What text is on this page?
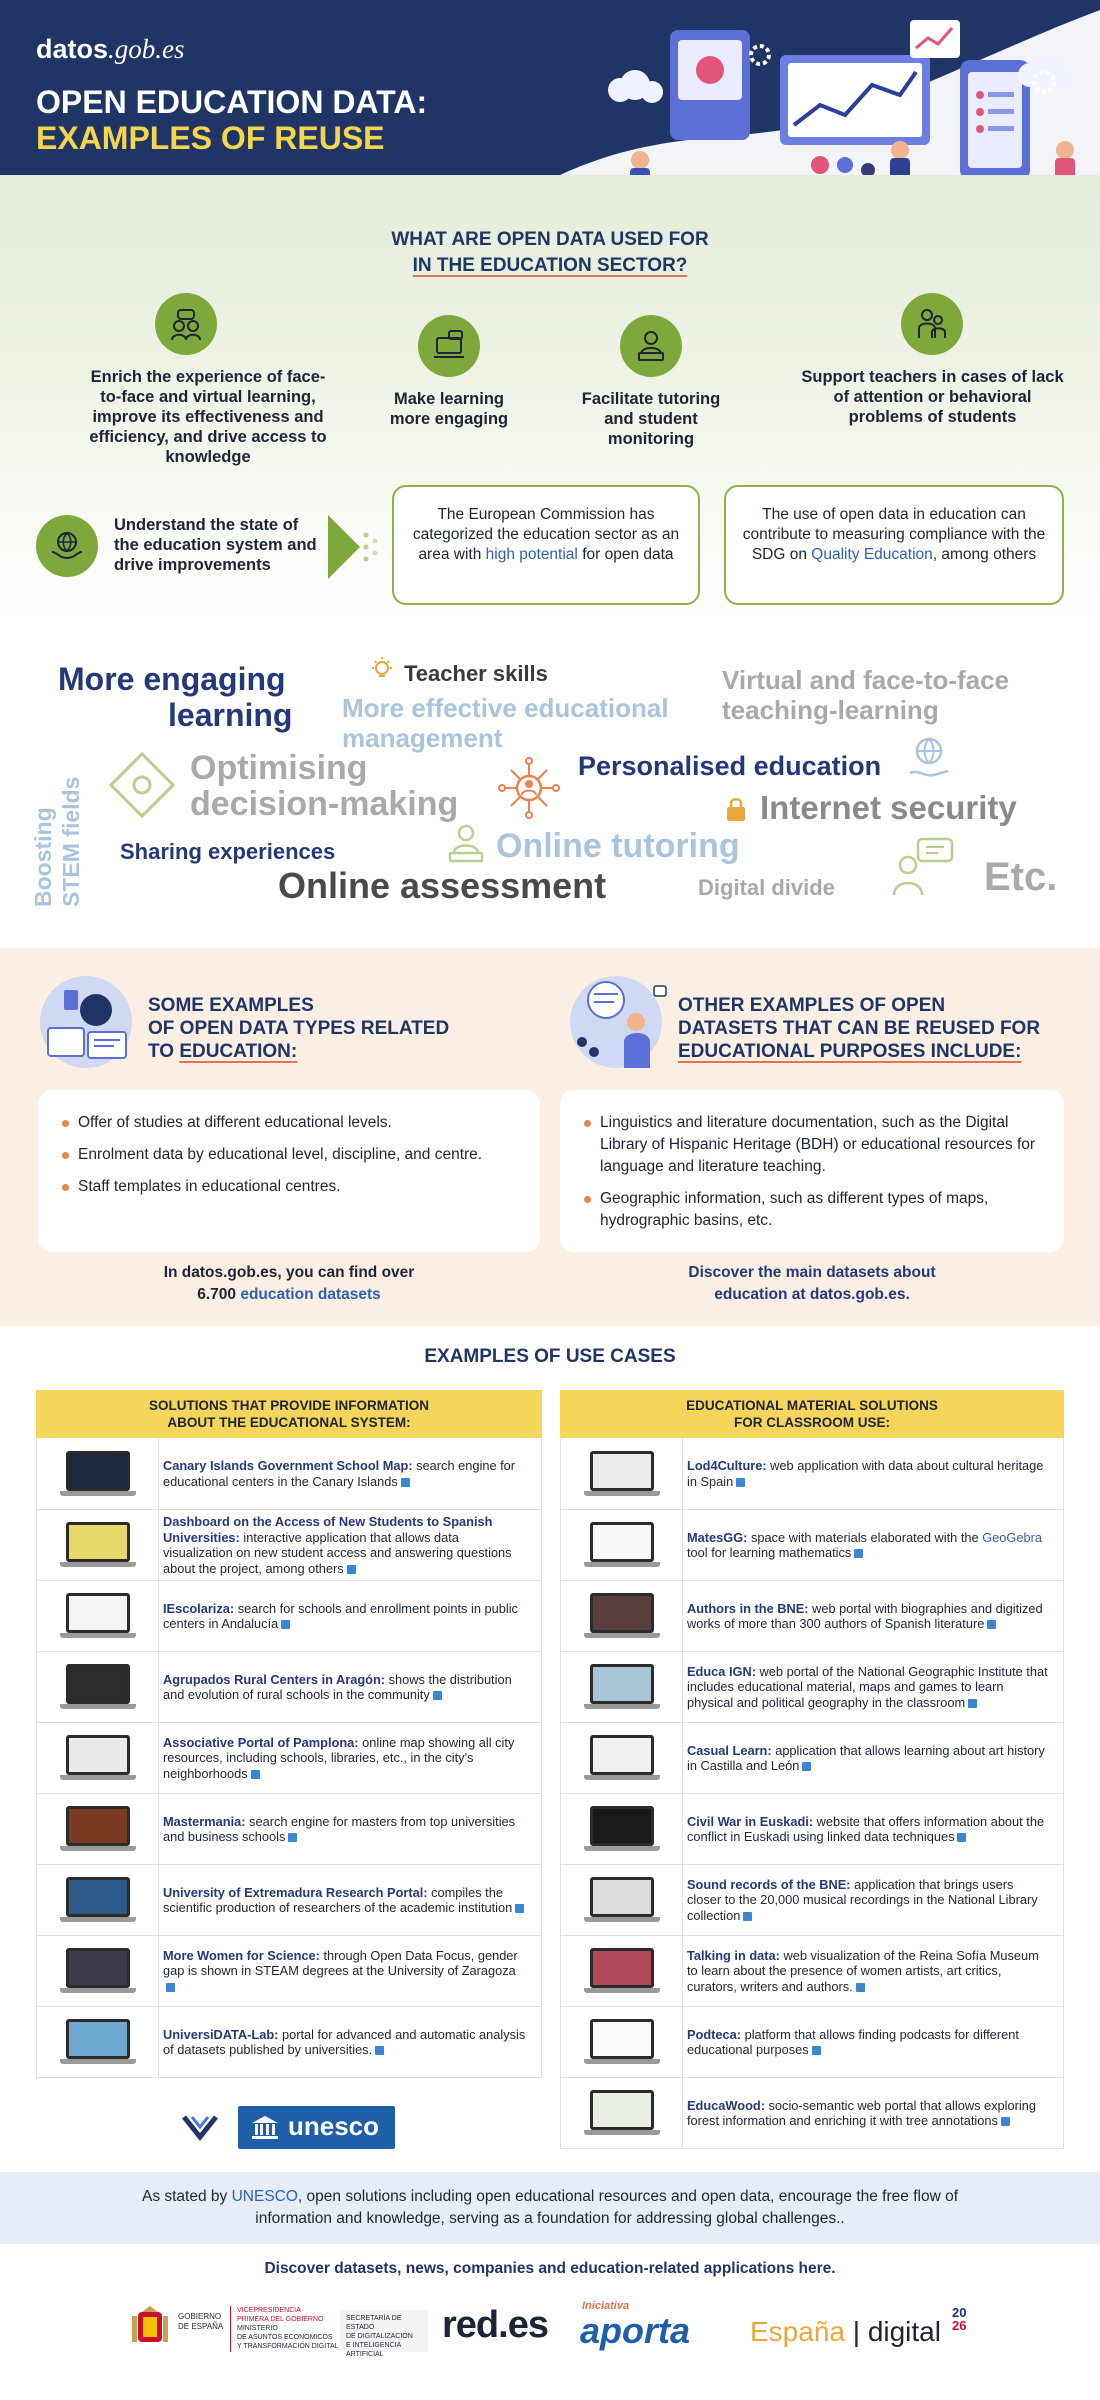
datos.gob.es
OPEN EDUCATION DATA:
EXAMPLES OF REUSE
WHAT ARE OPEN DATA USED FOR
IN THE EDUCATION SECTOR?
Enrich the experience of face-to-face and virtual learning, improve its effectiveness and efficiency, and drive access to knowledge
Make learning more engaging
Facilitate tutoring and student monitoring
Support teachers in cases of lack of attention or behavioral problems of students
Understand the state of the education system and drive improvements
The European Commission has categorized the education sector as an area with high potential for open data
The use of open data in education can contribute to measuring compliance with the SDG on Quality Education, among others
More engaging
learning
Teacher skills
More effective educational
management
Virtual and face-to-face
teaching-learning
Optimising
decision-making
Personalised education
Internet security
Boosting STEM fields Sharing experiences	Online tutoring
Online assessment	Digital divide	Etc.
SOME EXAMPLES
OF OPEN DATA TYPES RELATED
TO EDUCATION:
OTHER EXAMPLES OF OPEN
DATASETS THAT CAN BE REUSED FOR
EDUCATIONAL PURPOSES INCLUDE:
Offer of studies at different educational levels.
Enrolment data by educational level, discipline, and centre.
Staff templates in educational centres.
Linguistics and literature documentation, such as the Digital Library of Hispanic Heritage (BDH) or educational resources for language and literature teaching.
Geographic information, such as different types of maps, hydrographic basins, etc.
In datos.gob.es, you can find over
6.700 education datasets
Discover the main datasets about
education at datos.gob.es.
EXAMPLES OF USE CASES
SOLUTIONS THAT PROVIDE INFORMATION
ABOUT THE EDUCATIONAL SYSTEM:
EDUCATIONAL MATERIAL SOLUTIONS
FOR CLASSROOM USE:
Canary Islands Government School Map: search engine for educational centers in the Canary Islands
Dashboard on the Access of New Students to Spanish Universities: interactive application that allows data visualization on new student access and answering questions about the project, among others
IEscolariza: search for schools and enrollment points in public centers in Andalucía
Agrupados Rural Centers in Aragón: shows the distribution and evolution of rural schools in the community
Associative Portal of Pamplona: online map showing all city resources, including schools, libraries, etc., in the city's neighborhoods
Mastermania: search engine for masters from top universities and business schools
University of Extremadura Research Portal: compiles the scientific production of researchers of the academic institution
More Women for Science: through Open Data Focus, gender gap is shown in STEAM degrees at the University of Zaragoza
UniversiDATA-Lab: portal for advanced and automatic analysis of datasets published by universities.
Lod4Culture: web application with data about cultural heritage in Spain
MatesGG: space with materials elaborated with the GeoGebra tool for learning mathematics
Authors in the BNE: web portal with biographies and digitized works of more than 300 authors of Spanish literature
Educa IGN: web portal of the National Geographic Institute that includes educational material, maps and games to learn physical and political geography in the classroom
Casual Learn: application that allows learning about art history in Castilla and León
Civil War in Euskadi: website that offers information about the conflict in Euskadi using linked data techniques
Sound records of the BNE: application that brings users closer to the 20,000 musical recordings in the National Library collection
Talking in data: web visualization of the Reina Sofía Museum to learn about the presence of women artists, art critics, curators, writers and authors.
Podteca: platform that allows finding podcasts for different educational purposes
EducaWood: socio-semantic web portal that allows exploring forest information and enriching it with tree annotations
unesco
As stated by UNESCO, open solutions including open educational resources and open data, encourage the free flow of
information and knowledge, serving as a foundation for addressing global challenges..
Discover datasets, news, companies and education-related applications here.
GOBIERNO
DE ESPAÑA
VICEPRESIDENCIA
PRIMERA DEL GOBIERNO
MINISTERIO
DE ASUNTOS ECONÓMICOS
Y TRANSFORMACIÓN DIGITAL
SECRETARÍA DE ESTADO
DE DIGITALIZACIÓN
E INTELIGENCIA ARTIFICIAL
red.es	Iniciativa
aporta España | digital
20
26
